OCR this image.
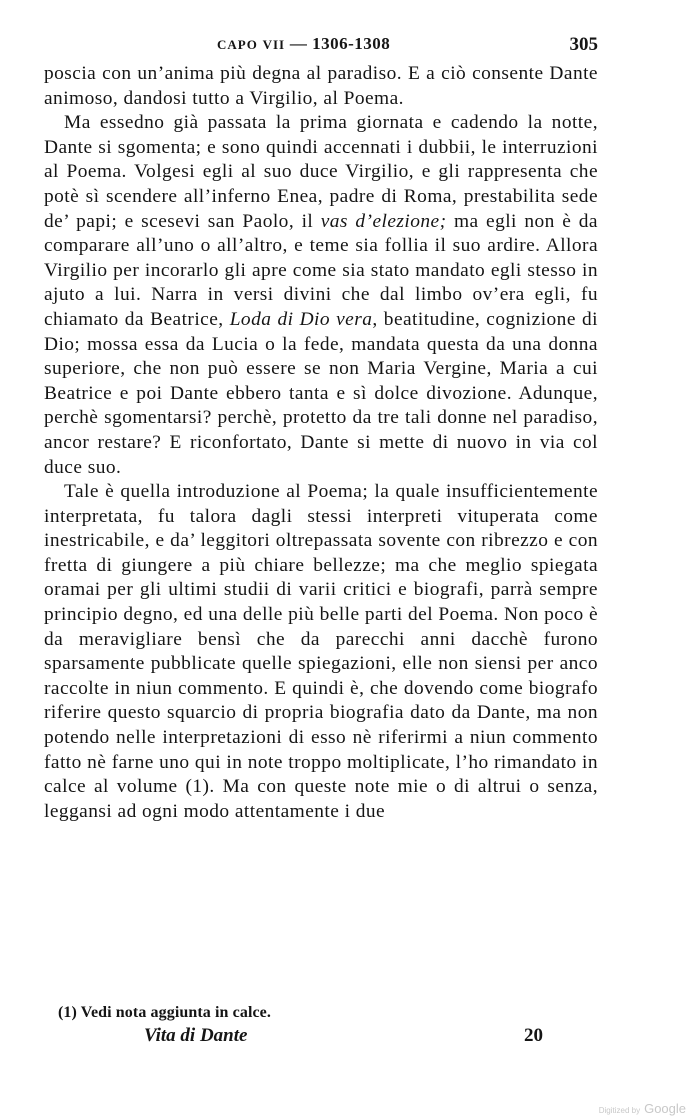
CAPO VII — 1306-1308	305

poscia con un’anima più degna al paradiso. E a ciò consente Dante animoso, dandosi tutto a Virgilio, al Poema.

Ma essedno già passata la prima giornata e cadendo la notte, Dante si sgomenta; e sono quindi accennati i dubbii, le interruzioni al Poema. Volgesi egli al suo duce Virgilio, e gli rappresenta che potè sì scendere all’inferno Enea, padre di Roma, prestabilita sede de’ papi; e scesevi san Paolo, il vas d’elezione; ma egli non è da comparare all’uno o all’altro, e teme sia follia il suo ardire. Allora Virgilio per incorarlo gli apre come sia stato mandato egli stesso in ajuto a lui. Narra in versi divini che dal limbo ov’era egli, fu chiamato da Beatrice, Loda di Dio vera, beatitudine, cognizione di Dio; mossa essa da Lucia o la fede, mandata questa da una donna superiore, che non può essere se non Maria Vergine, Maria a cui Beatrice e poi Dante ebbero tanta e sì dolce divozione. Adunque, perchè sgomentarsi? perchè, protetto da tre tali donne nel paradiso, ancor restare? E riconfortato, Dante si mette di nuovo in via col duce suo.

Tale è quella introduzione al Poema; la quale insufficientemente interpretata, fu talora dagli stessi interpreti vituperata come inestricabile, e da’ leggitori oltrepassata sovente con ribrezzo e con fretta di giungere a più chiare bellezze; ma che meglio spiegata oramai per gli ultimi studii di varii critici e biografi, parrà sempre principio degno, ed una delle più belle parti del Poema. Non poco è da meravigliare bensì che da parecchi anni dacchè furono sparsamente pubblicate quelle spiegazioni, elle non siensi per anco raccolte in niun commento. E quindi è, che dovendo come biografo riferire questo squarcio di propria biografia dato da Dante, ma non potendo nelle interpretazioni di esso nè riferirmi a niun commento fatto nè farne uno qui in note troppo moltiplicate, l’ho rimandato in calce al volume (1). Ma con queste note mie o di altrui o senza, leggansi ad ogni modo attentamente i due

(1) Vedi nota aggiunta in calce.
Vita di Dante	20
Digitized by Google
